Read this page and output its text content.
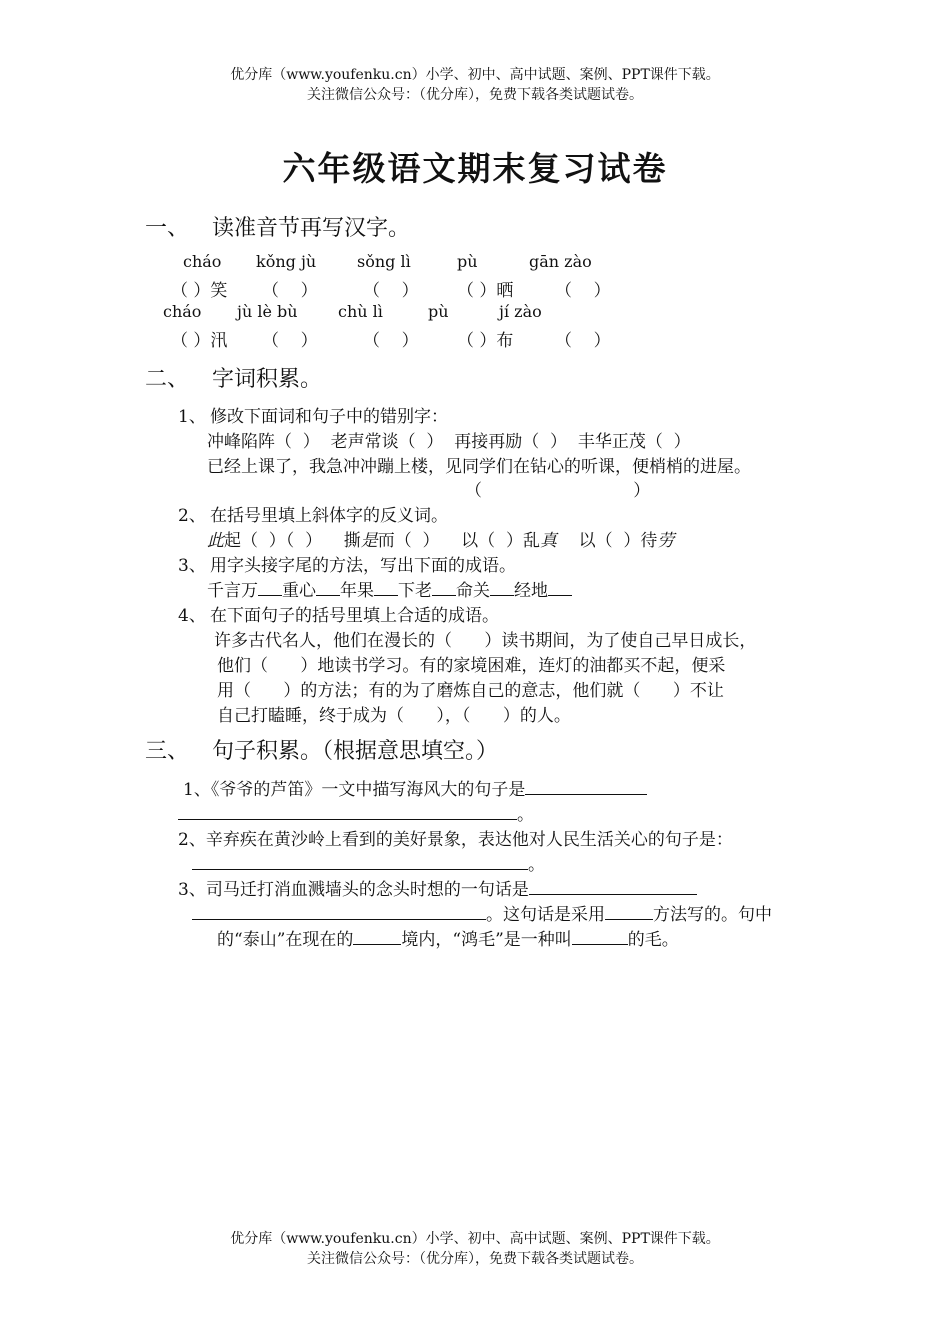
优分库（www.youfenku.cn）小学、初中、高中试题、案例、PPT课件下载。
关注微信公众号：（优分库），免费下载各类试题试卷。
六年级语文期末复习试卷
一、 读准音节再写汉字。
cháo kǒng jù	sǒng lì	pù	gān zào
（ ）笑 （    ）	（    ） （ ）晒 （    ）
cháo jù lè bù	chù lì	pù	jí zào
（ ）汛 （    ）	（    ） （ ）布 （    ）
二、 字词积累。
1、 修改下面词和句子中的错别字：
冲峰陷阵（  ）  老声常谈（  ）  再接再励（  ）  丰华正茂（  ）
已经上课了，我急冲冲蹦上楼，见同学们在钻心的听课，便梢梢的进屋。
（                            ）
2、 在括号里填上斜体字的反义词。
此起（  ）（  ）    撕是而（  ）    以（  ）乱真    以（  ）待劳
3、 用字头接字尾的方法，写出下面的成语。
千言万 重心 年果 下老 命关 经地
4、 在下面句子的括号里填上合适的成语。
许多古代名人，他们在漫长的（      ）读书期间，为了使自己早日成长，
他们（      ）地读书学习。有的家境困难，连灯的油都买不起，便采
用（      ）的方法；有的为了磨炼自己的意志，他们就（      ）不让
自己打瞌睡，终于成为（      ），（      ）的人。
三、 句子积累。（根据意思填空。）
1、《爷爷的芦笛》一文中描写海风大的句子是
。
2、辛弃疾在黄沙岭上看到的美好景象，表达他对人民生活关心的句子是：
。
3、司马迁打消血溅墙头的念头时想的一句话是
。这句话是采用	方法写的。句中
的“泰山”在现在的	境内，“鸿毛”是一种叫	的毛。
优分库（www.youfenku.cn）小学、初中、高中试题、案例、PPT课件下载。
关注微信公众号：（优分库），免费下载各类试题试卷。
